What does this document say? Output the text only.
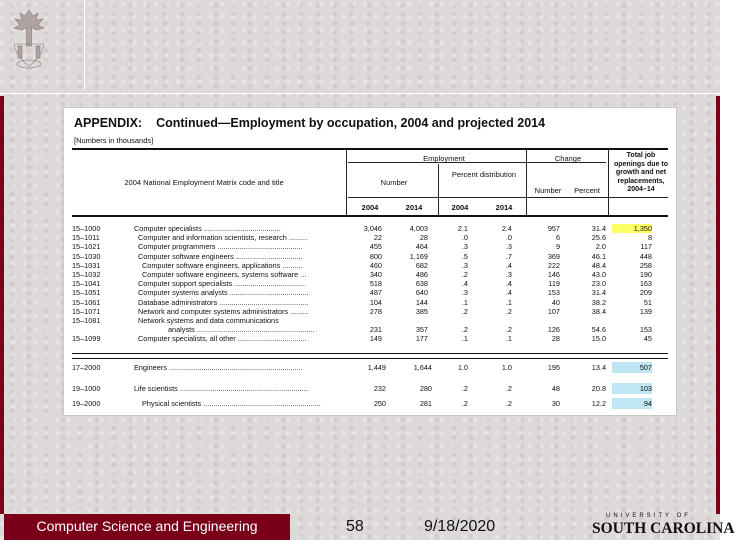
APPENDIX: Continued—Employment by occupation, 2004 and projected 2014
[Numbers in thousands]
2004 National Employment Matrix code and title
Employment
Number
Percent distribution
Change
Number	Percent
Total job openings due to growth and net replacements, 2004–14
2004	2014	2004	2014
15–1000	Computer specialists ......................................	3,046	4,003	2.1	2.4	957	31.4	1,350
15–1011	Computer and information scientists, research .........	22	28	.0	.0	6	25.6	8
15–1021	Computer programmers ..........................................	455	464	.3	.3	9	2.0	117
15–1030	Computer software engineers .................................	800	1,169	.5	.7	369	46.1	448
15–1031	Computer software engineers, applications ..........	460	682	.3	.4	222	48.4	258
15–1032	Computer software engineers, systems software ...	340	486	.2	.3	146	43.0	190
15–1041	Computer support specialists ...................................	518	638	.4	.4	119	23.0	163
15–1051	Computer systems analysts .......................................	487	640	.3	.4	153	31.4	209
15–1061	Database administrators ............................................	104	144	.1	.1	40	38.2	51
15–1071	Network and computer systems administrators .........	278	385	.2	.2	107	38.4	139
15–1081	Network systems and data communications
analysts ..........................................................	231	357	.2	.2	126	54.6	153
15–1099	Computer specialists, all other ..................................	149	177	.1	.1	28	15.0	45
17–2000	Engineers ..................................................................	1,449	1,644	1.0	1.0	195	13.4	507
19–1000	Life scientists ...............................................................	232	280	.2	.2	48	20.8	103
19–2000	Physical scientists ..........................................................	250	281	.2	.2	30	12.2	94
Computer Science and Engineering	58	9/18/2020
UNIVERSITY OF
SOUTH CAROLINA
